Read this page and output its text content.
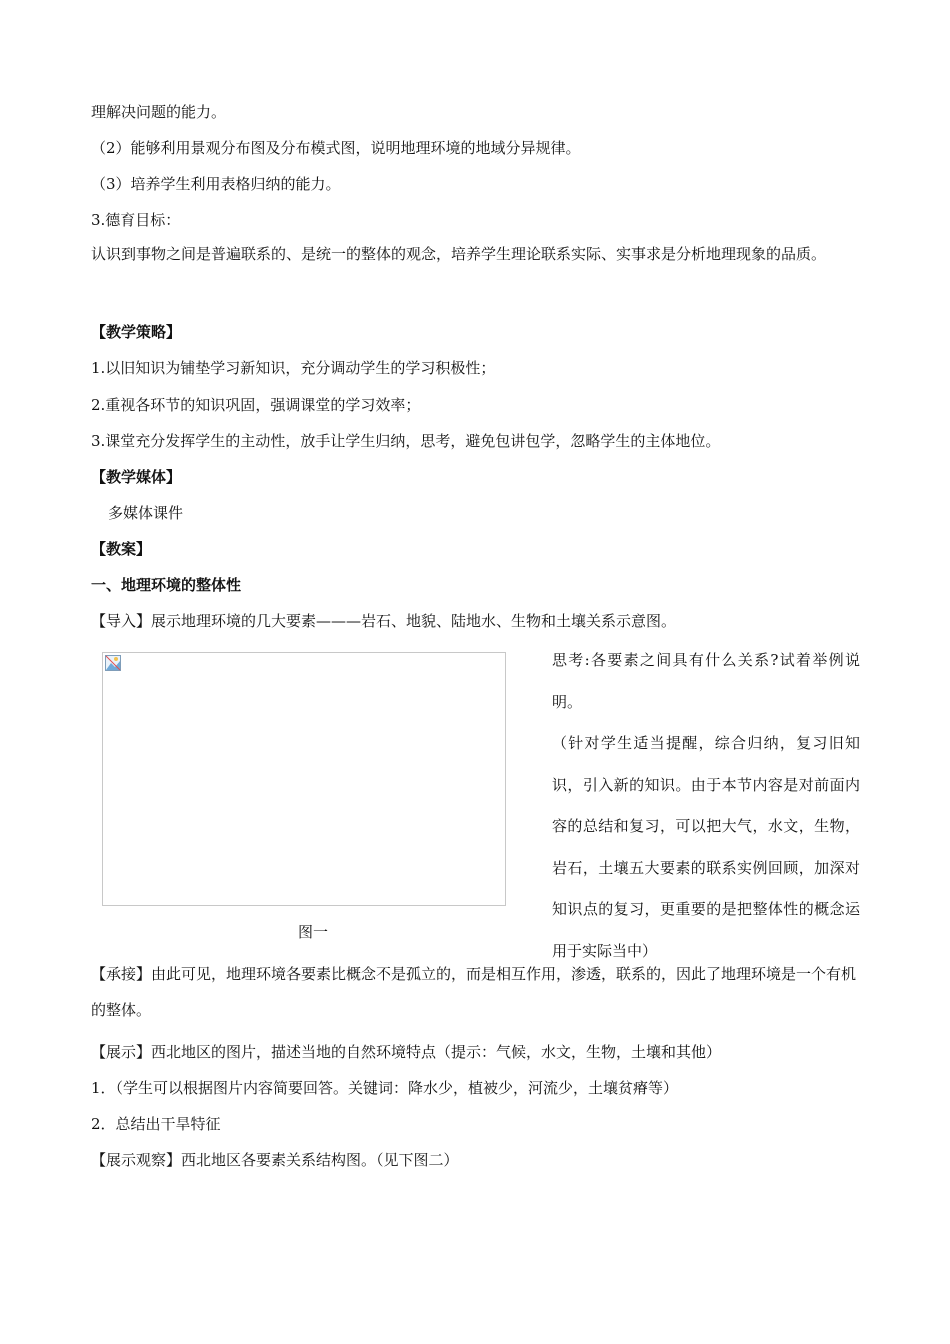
理解决问题的能力。
（2）能够利用景观分布图及分布模式图，说明地理环境的地域分异规律。
（3）培养学生利用表格归纳的能力。
3.德育目标：
认识到事物之间是普遍联系的、是统一的整体的观念，培养学生理论联系实际、实事求是分析地理现象的品质。
【教学策略】
1.以旧知识为铺垫学习新知识，充分调动学生的学习积极性；
2.重视各环节的知识巩固，强调课堂的学习效率；
3.课堂充分发挥学生的主动性，放手让学生归纳，思考，避免包讲包学，忽略学生的主体地位。
【教学媒体】
多媒体课件
【教案】
一、地理环境的整体性
【导入】展示地理环境的几大要素———岩石、地貌、陆地水、生物和土壤关系示意图。
图一

思考:各要素之间具有什么关系?试着举例说明。

（针对学生适当提醒，综合归纳，复习旧知识，引入新的知识。由于本节内容是对前面内容的总结和复习，可以把大气，水文，生物，岩石，土壤五大要素的联系实例回顾，加深对知识点的复习，更重要的是把整体性的概念运用于实际当中）

【承接】由此可见，地理环境各要素比概念不是孤立的，而是相互作用，渗透，联系的，因此了地理环境是一个有机的整体。
【展示】西北地区的图片，描述当地的自然环境特点（提示：气候，水文，生物，土壤和其他）
1．（学生可以根据图片内容简要回答。关键词：降水少，植被少，河流少，土壤贫瘠等）
2．总结出干旱特征
【展示观察】西北地区各要素关系结构图。（见下图二）
